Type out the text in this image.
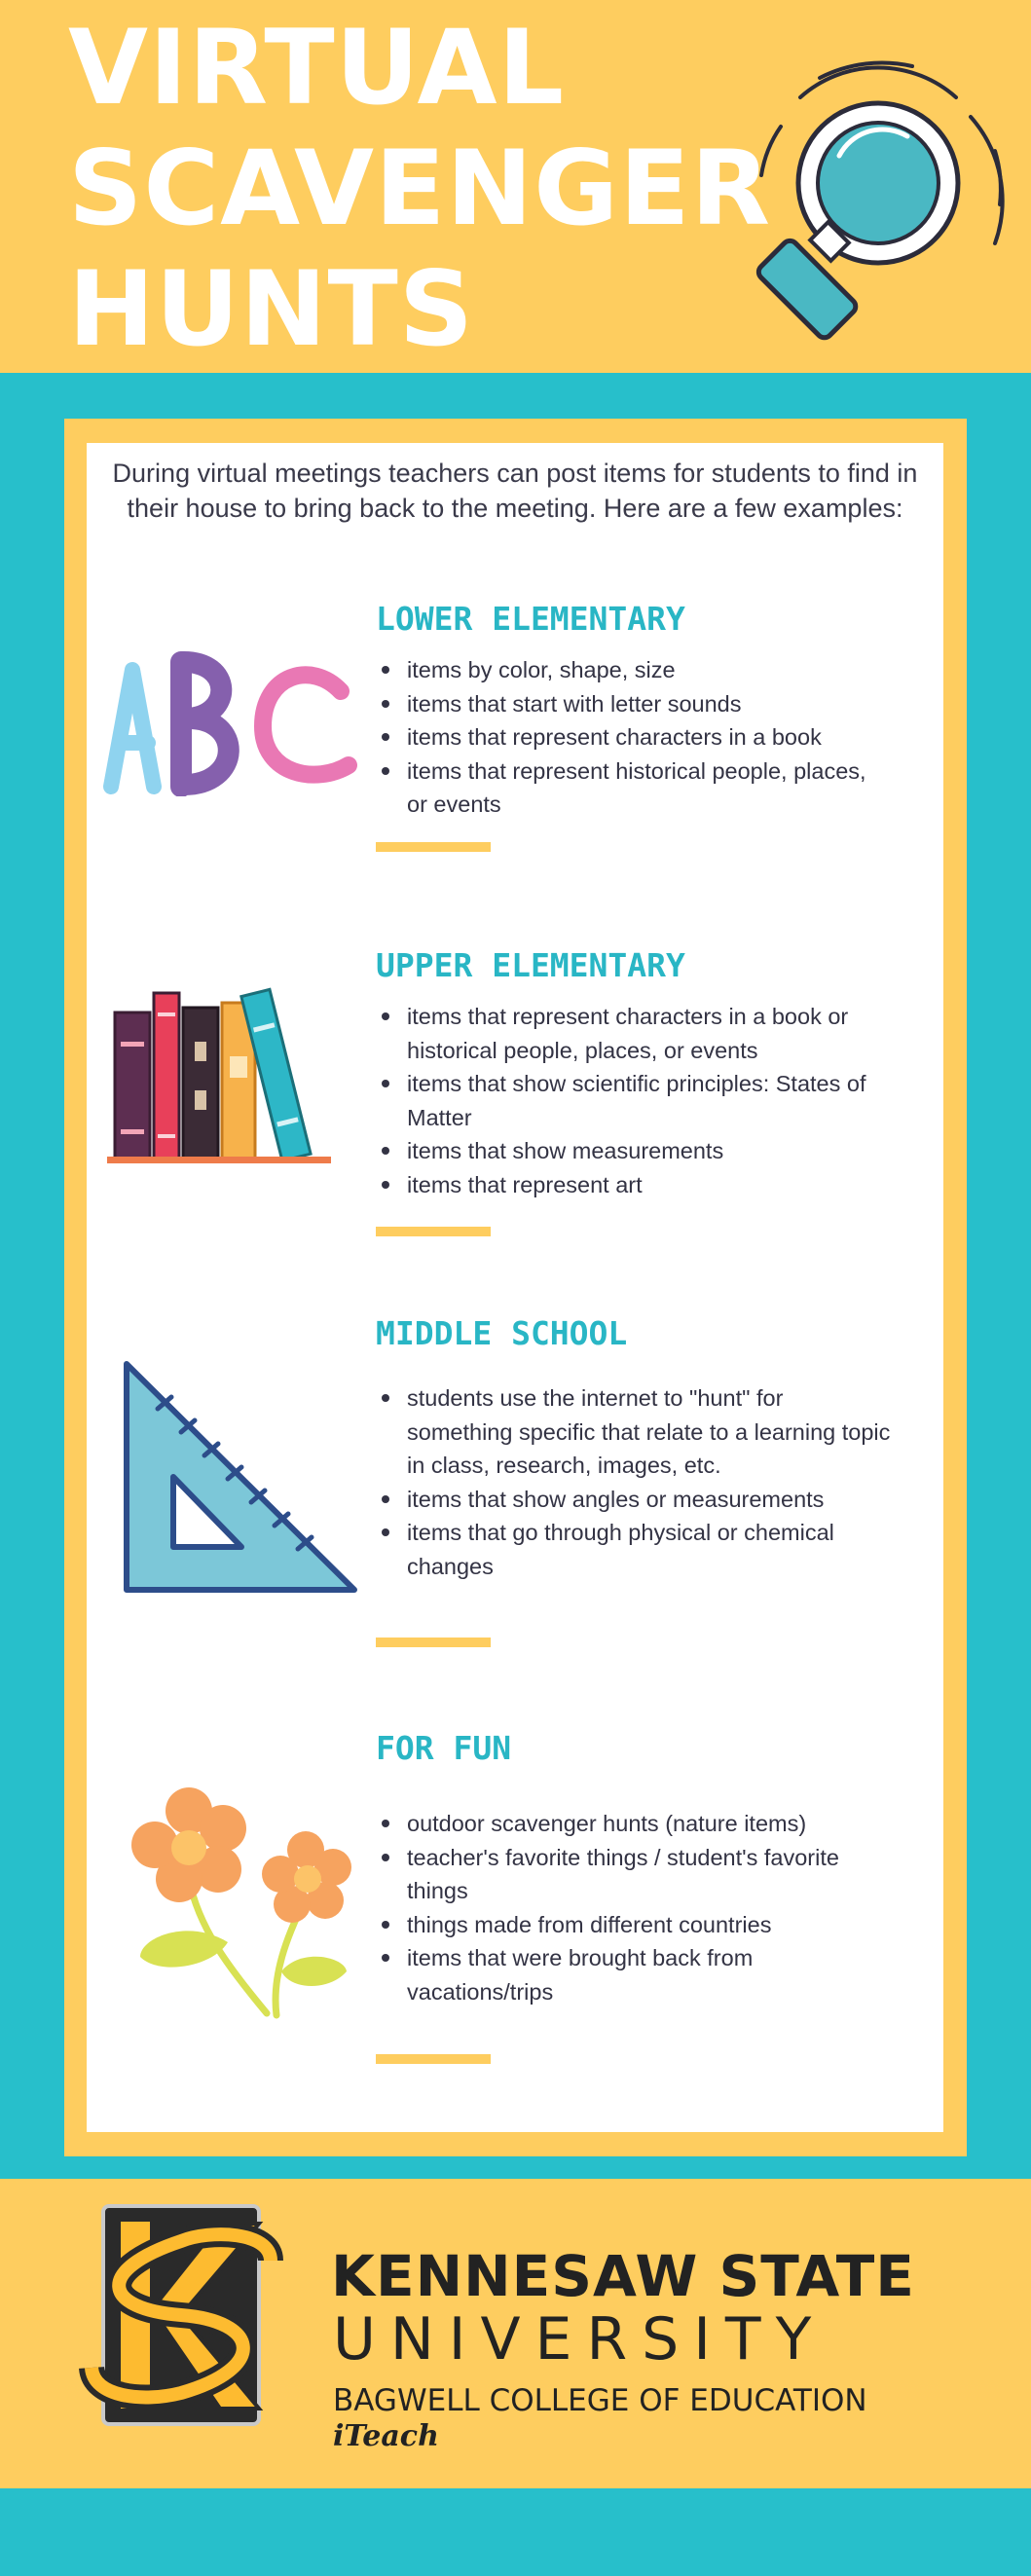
VIRTUAL
SCAVENGER
HUNTS

During virtual meetings teachers can post items for students to find in their house to bring back to the meeting. Here are a few examples:

LOWER ELEMENTARY
items by color, shape, size
items that start with letter sounds
items that represent characters in a book
items that represent historical people, places, or events
UPPER ELEMENTARY
items that represent characters in a book or historical people, places, or events
items that show scientific principles: States of Matter
items that show measurements
items that represent art
MIDDLE SCHOOL
students use the internet to "hunt" for something specific that relate to a learning topic in class, research, images, etc.
items that show angles or measurements
items that go through physical or chemical changes
FOR FUN
outdoor scavenger hunts (nature items)
teacher's favorite things / student's favorite things
things made from different countries
items that were brought back from vacations/trips
KENNESAW STATE
UNIVERSITY
BAGWELL COLLEGE OF EDUCATION
iTeach
